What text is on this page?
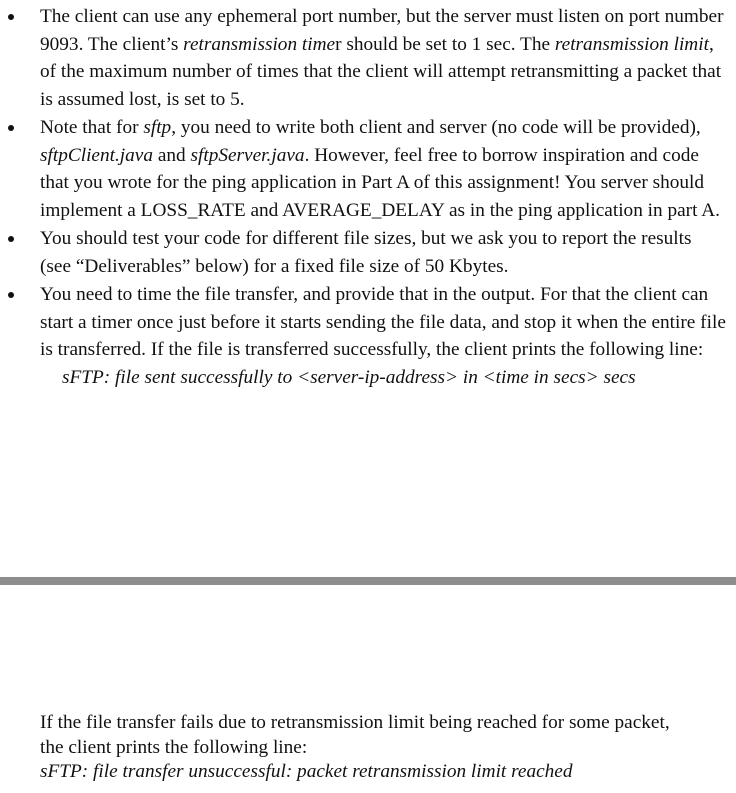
The client can use any ephemeral port number, but the server must listen on port number 9093. The client’s retransmission timer should be set to 1 sec. The retransmission limit, of the maximum number of times that the client will attempt retransmitting a packet that is assumed lost, is set to 5.
Note that for sftp, you need to write both client and server (no code will be provided), sftpClient.java and sftpServer.java. However, feel free to borrow inspiration and code that you wrote for the ping application in Part A of this assignment! You server should implement a LOSS_RATE and AVERAGE_DELAY as in the ping application in part A.
You should test your code for different file sizes, but we ask you to report the results (see “Deliverables” below) for a fixed file size of 50 Kbytes.
You need to time the file transfer, and provide that in the output. For that the client can start a timer once just before it starts sending the file data, and stop it when the entire file is transferred. If the file is transferred successfully, the client prints the following line:
sFTP: file sent successfully to <server-ip-address> in <time in secs> secs
If the file transfer fails due to retransmission limit being reached for some packet,
the client prints the following line:
sFTP: file transfer unsuccessful: packet retransmission limit reached
